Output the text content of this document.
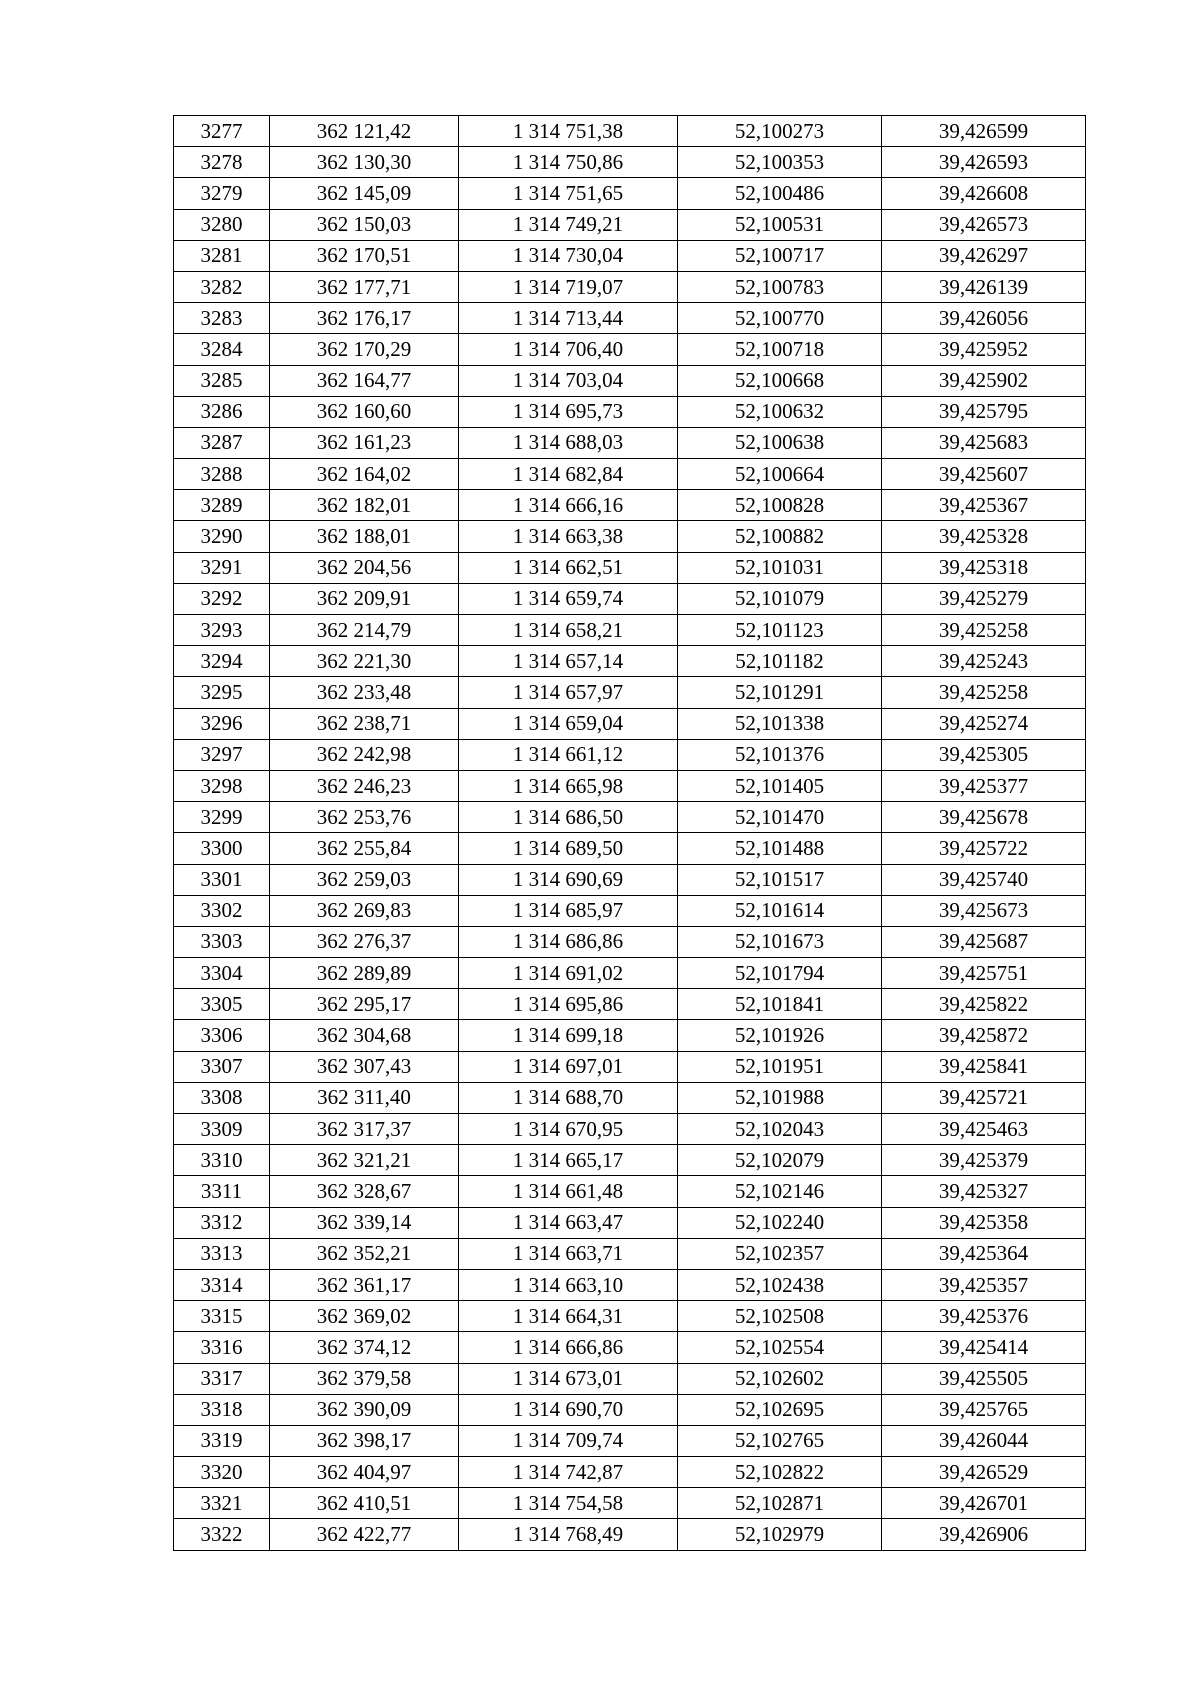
3277	362 121,42	1 314 751,38	52,100273	39,426599
3278	362 130,30	1 314 750,86	52,100353	39,426593
3279	362 145,09	1 314 751,65	52,100486	39,426608
3280	362 150,03	1 314 749,21	52,100531	39,426573
3281	362 170,51	1 314 730,04	52,100717	39,426297
3282	362 177,71	1 314 719,07	52,100783	39,426139
3283	362 176,17	1 314 713,44	52,100770	39,426056
3284	362 170,29	1 314 706,40	52,100718	39,425952
3285	362 164,77	1 314 703,04	52,100668	39,425902
3286	362 160,60	1 314 695,73	52,100632	39,425795
3287	362 161,23	1 314 688,03	52,100638	39,425683
3288	362 164,02	1 314 682,84	52,100664	39,425607
3289	362 182,01	1 314 666,16	52,100828	39,425367
3290	362 188,01	1 314 663,38	52,100882	39,425328
3291	362 204,56	1 314 662,51	52,101031	39,425318
3292	362 209,91	1 314 659,74	52,101079	39,425279
3293	362 214,79	1 314 658,21	52,101123	39,425258
3294	362 221,30	1 314 657,14	52,101182	39,425243
3295	362 233,48	1 314 657,97	52,101291	39,425258
3296	362 238,71	1 314 659,04	52,101338	39,425274
3297	362 242,98	1 314 661,12	52,101376	39,425305
3298	362 246,23	1 314 665,98	52,101405	39,425377
3299	362 253,76	1 314 686,50	52,101470	39,425678
3300	362 255,84	1 314 689,50	52,101488	39,425722
3301	362 259,03	1 314 690,69	52,101517	39,425740
3302	362 269,83	1 314 685,97	52,101614	39,425673
3303	362 276,37	1 314 686,86	52,101673	39,425687
3304	362 289,89	1 314 691,02	52,101794	39,425751
3305	362 295,17	1 314 695,86	52,101841	39,425822
3306	362 304,68	1 314 699,18	52,101926	39,425872
3307	362 307,43	1 314 697,01	52,101951	39,425841
3308	362 311,40	1 314 688,70	52,101988	39,425721
3309	362 317,37	1 314 670,95	52,102043	39,425463
3310	362 321,21	1 314 665,17	52,102079	39,425379
3311	362 328,67	1 314 661,48	52,102146	39,425327
3312	362 339,14	1 314 663,47	52,102240	39,425358
3313	362 352,21	1 314 663,71	52,102357	39,425364
3314	362 361,17	1 314 663,10	52,102438	39,425357
3315	362 369,02	1 314 664,31	52,102508	39,425376
3316	362 374,12	1 314 666,86	52,102554	39,425414
3317	362 379,58	1 314 673,01	52,102602	39,425505
3318	362 390,09	1 314 690,70	52,102695	39,425765
3319	362 398,17	1 314 709,74	52,102765	39,426044
3320	362 404,97	1 314 742,87	52,102822	39,426529
3321	362 410,51	1 314 754,58	52,102871	39,426701
3322	362 422,77	1 314 768,49	52,102979	39,426906
